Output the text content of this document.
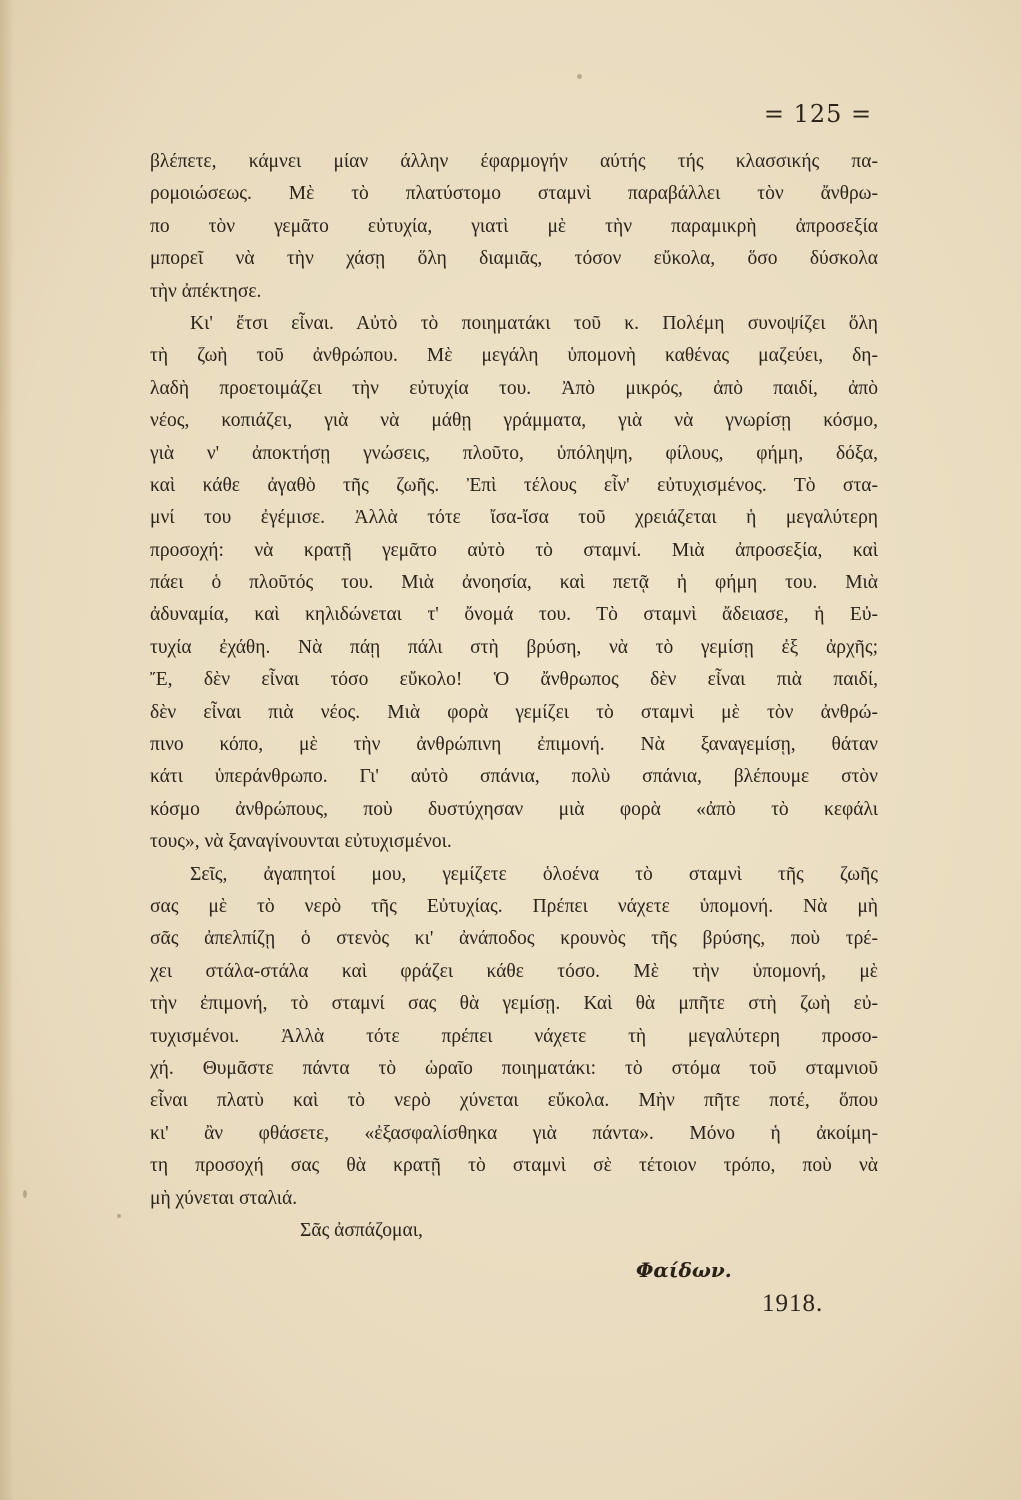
= 125 =
βλέπετε, κάμνει μίαν άλλην έφαρμογήν αύτής τής κλασσικής πα-
ρομοιώσεως. Μὲ τὸ πλατύστομο σταμνὶ παραβάλλει τὸν ἄνθρω-
πο τὸν γεμᾶτο εὐτυχία, γιατὶ μὲ τὴν παραμικρὴ ἀπροσεξία
μπορεῖ νὰ τὴν χάσῃ ὅλη διαμιᾶς, τόσον εὔκολα, ὅσο δύσκολα
τὴν ἀπέκτησε.
Κι' ἔτσι εἶναι. Αὐτὸ τὸ ποιηματάκι τοῦ κ. Πολέμη συνοψίζει ὅλη
τὴ ζωὴ τοῦ ἀνθρώπου. Μὲ μεγάλη ὑπομονὴ καθένας μαζεύει, δη-
λαδὴ προετοιμάζει τὴν εὐτυχία του. Ἀπὸ μικρός, ἀπὸ παιδί, ἀπὸ
νέος, κοπιάζει, γιὰ νὰ μάθῃ γράμματα, γιὰ νὰ γνωρίσῃ κόσμο,
γιὰ ν' ἀποκτήσῃ γνώσεις, πλοῦτο, ὑπόληψη, φίλους, φήμη, δόξα,
καὶ κάθε ἀγαθὸ τῆς ζωῆς. Ἐπὶ τέλους εἶν' εὐτυχισμένος. Τὸ στα-
μνί του ἐγέμισε. Ἀλλὰ τότε ἴσα-ἴσα τοῦ χρειάζεται ἡ μεγαλύτερη
προσοχή: νὰ κρατῇ γεμᾶτο αὐτὸ τὸ σταμνί. Μιὰ ἀπροσεξία, καὶ
πάει ὁ πλοῦτός του. Μιὰ ἀνοησία, καὶ πετᾷ ἡ φήμη του. Μιὰ
ἀδυναμία, καὶ κηλιδώνεται τ' ὄνομά του. Τὸ σταμνὶ ἄδειασε, ἡ Εὐ-
τυχία ἐχάθη. Νὰ πάῃ πάλι στὴ βρύση, νὰ τὸ γεμίσῃ ἐξ ἀρχῆς;
Ἔ, δὲν εἶναι τόσο εὔκολο! Ὁ ἄνθρωπος δὲν εἶναι πιὰ παιδί,
δὲν εἶναι πιὰ νέος. Μιὰ φορὰ γεμίζει τὸ σταμνὶ μὲ τὸν ἀνθρώ-
πινο κόπο, μὲ τὴν ἀνθρώπινη ἐπιμονή. Νὰ ξαναγεμίσῃ, θάταν
κάτι ὑπεράνθρωπο. Γι' αὐτὸ σπάνια, πολὺ σπάνια, βλέπουμε στὸν
κόσμο ἀνθρώπους, ποὺ δυστύχησαν μιὰ φορὰ «ἀπὸ τὸ κεφάλι
τους», νὰ ξαναγίνουνται εὐτυχισμένοι.
Σεῖς, ἀγαπητοί μου, γεμίζετε ὁλοένα τὸ σταμνὶ τῆς ζωῆς
σας μὲ τὸ νερὸ τῆς Εὐτυχίας. Πρέπει νάχετε ὑπομονή. Νὰ μὴ
σᾶς ἀπελπίζῃ ὁ στενὸς κι' ἀνάποδος κρουνὸς τῆς βρύσης, ποὺ τρέ-
χει στάλα-στάλα καὶ φράζει κάθε τόσο. Μὲ τὴν ὑπομονή, μὲ
τὴν ἐπιμονή, τὸ σταμνί σας θὰ γεμίσῃ. Καὶ θὰ μπῆτε στὴ ζωὴ εὐ-
τυχισμένοι. Ἀλλὰ τότε πρέπει νάχετε τὴ μεγαλύτερη προσο-
χή. Θυμᾶστε πάντα τὸ ὡραῖο ποιηματάκι: τὸ στόμα τοῦ σταμνιοῦ
εἶναι πλατὺ καὶ τὸ νερὸ χύνεται εὔκολα. Μὴν πῆτε ποτέ, ὅπου
κι' ἂν φθάσετε, «ἐξασφαλίσθηκα γιὰ πάντα». Μόνο ἡ ἀκοίμη-
τη προσοχή σας θὰ κρατῇ τὸ σταμνὶ σὲ τέτοιον τρόπο, ποὺ νὰ
μὴ χύνεται σταλιά.
Σᾶς ἀσπάζομαι,
Φαίδων.
1918.
